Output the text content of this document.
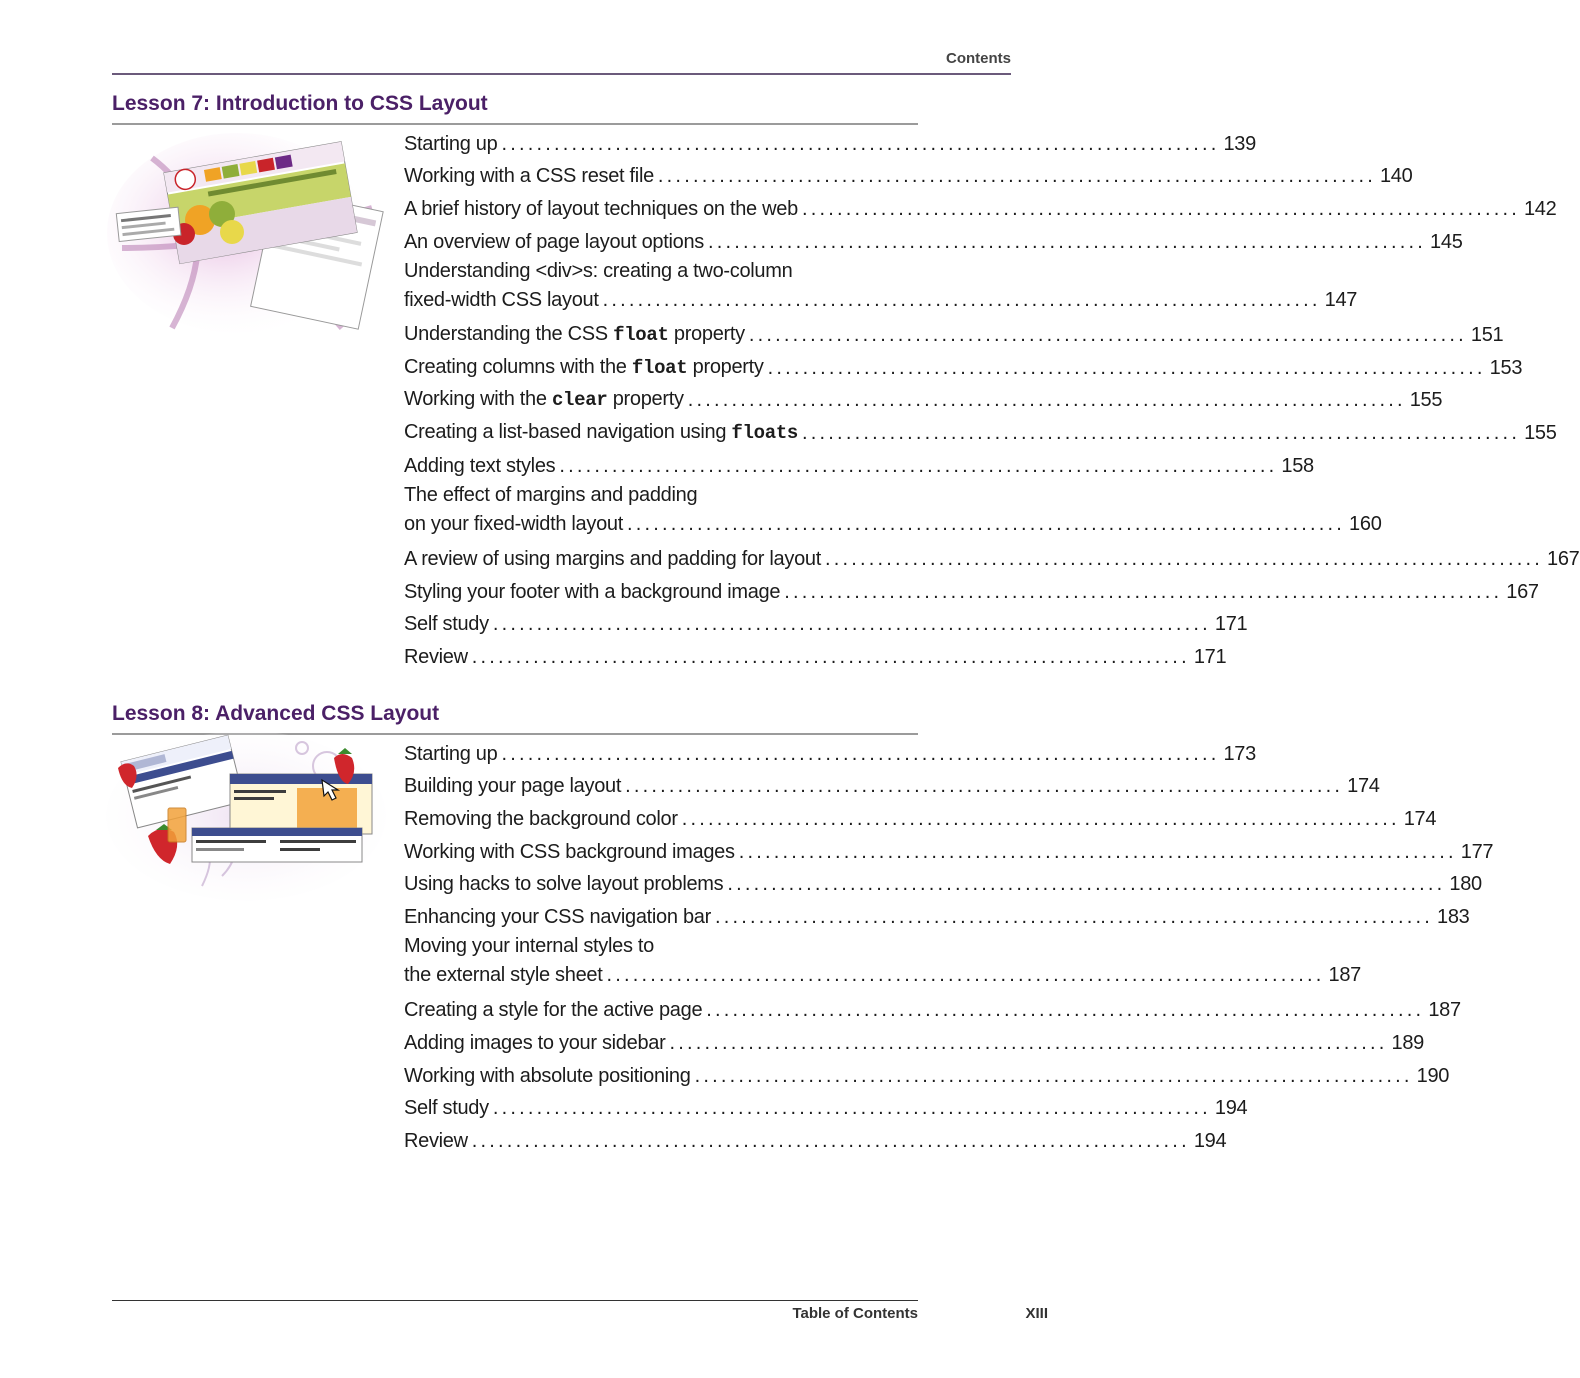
Contents
Lesson 7: Introduction to CSS Layout
Starting up .................................................................................. 139
Working with a CSS reset file .................................................................................. 140
A brief history of layout techniques on the web .................................................................................. 142
An overview of page layout options .................................................................................. 145
Understanding <div>s: creating a two-column
fixed-width CSS layout .................................................................................. 147
Understanding the CSS float property .................................................................................. 151
Creating columns with the float property .................................................................................. 153
Working with the clear property .................................................................................. 155
Creating a list-based navigation using floats .................................................................................. 155
Adding text styles .................................................................................. 158
The effect of margins and padding
on your fixed-width layout .................................................................................. 160
A review of using margins and padding for layout .................................................................................. 167
Styling your footer with a background image .................................................................................. 167
Self study .................................................................................. 171
Review .................................................................................. 171
Lesson 8: Advanced CSS Layout
Starting up .................................................................................. 173
Building your page layout .................................................................................. 174
Removing the background color .................................................................................. 174
Working with CSS background images .................................................................................. 177
Using hacks to solve layout problems .................................................................................. 180
Enhancing your CSS navigation bar .................................................................................. 183
Moving your internal styles to
the external style sheet .................................................................................. 187
Creating a style for the active page .................................................................................. 187
Adding images to your sidebar .................................................................................. 189
Working with absolute positioning .................................................................................. 190
Self study .................................................................................. 194
Review .................................................................................. 194
Table of Contents	XIII
